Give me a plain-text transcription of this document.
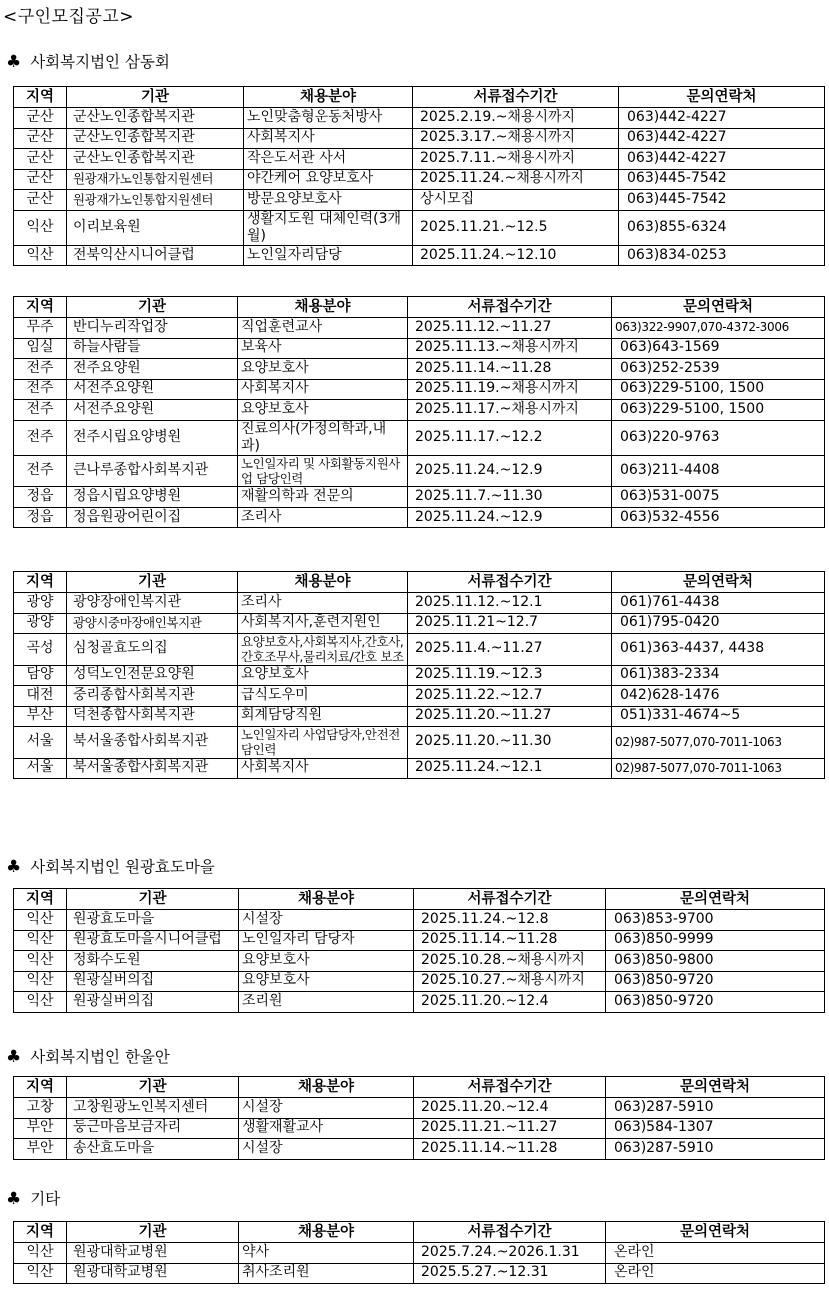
<구인모집공고>
♣ 사회복지법인 삼동회
지역	기관	채용분야	서류접수기간	문의연락처
군산	군산노인종합복지관	노인맞춤형운동처방사	2025.2.19.~채용시까지	063)442-4227
군산	군산노인종합복지관	사회복지사	2025.3.17.~채용시까지	063)442-4227
군산	군산노인종합복지관	작은도서관 사서	2025.7.11.~채용시까지	063)442-4227
군산	원광재가노인통합지원센터	야간케어 요양보호사	2025.11.24.~채용시까지	063)445-7542
군산	원광재가노인통합지원센터	방문요양보호사	상시모집	063)445-7542
익산	이리보육원	생활지도원 대체인력(3개월)	2025.11.21.~12.5	063)855-6324
익산	전북익산시니어클럽	노인일자리담당	2025.11.24.~12.10	063)834-0253
지역	기관	채용분야	서류접수기간	문의연락처
무주	반디누리작업장	직업훈련교사	2025.11.12.~11.27	063)322-9907,070-4372-3006
임실	하늘사람들	보육사	2025.11.13.~채용시까지	063)643-1569
전주	전주요양원	요양보호사	2025.11.14.~11.28	063)252-2539
전주	서전주요양원	사회복지사	2025.11.19.~채용시까지	063)229-5100, 1500
전주	서전주요양원	요양보호사	2025.11.17.~채용시까지	063)229-5100, 1500
전주	전주시립요양병원	진료의사(가정의학과,내과)	2025.11.17.~12.2	063)220-9763
전주	큰나루종합사회복지관	노인일자리 및 사회활동지원사업 담당인력	2025.11.24.~12.9	063)211-4408
정읍	정읍시립요양병원	재활의학과 전문의	2025.11.7.~11.30	063)531-0075
정읍	정읍원광어린이집	조리사	2025.11.24.~12.9	063)532-4556
지역	기관	채용분야	서류접수기간	문의연락처
광양	광양장애인복지관	조리사	2025.11.12.~12.1	061)761-4438
광양	광양시중마장애인복지관	사회복지사,훈련지원인	2025.11.21~12.7	061)795-0420
곡성	심청골효도의집	요양보호사,사회복지사,간호사,간호조무사,물리치료/간호 보조	2025.11.4.~11.27	061)363-4437, 4438
담양	성덕노인전문요양원	요양보호사	2025.11.19.~12.3	061)383-2334
대전	중리종합사회복지관	급식도우미	2025.11.22.~12.7	042)628-1476
부산	덕천종합사회복지관	회계담당직원	2025.11.20.~11.27	051)331-4674~5
서울	북서울종합사회복지관	노인일자리 사업담당자,안전전담인력	2025.11.20.~11.30	02)987-5077,070-7011-1063
서울	북서울종합사회복지관	사회복지사	2025.11.24.~12.1	02)987-5077,070-7011-1063
♣ 사회복지법인 원광효도마을
지역	기관	채용분야	서류접수기간	문의연락처
익산	원광효도마을	시설장	2025.11.24.~12.8	063)853-9700
익산	원광효도마을시니어클럽	노인일자리 담당자	2025.11.14.~11.28	063)850-9999
익산	정화수도원	요양보호사	2025.10.28.~채용시까지	063)850-9800
익산	원광실버의집	요양보호사	2025.10.27.~채용시까지	063)850-9720
익산	원광실버의집	조리원	2025.11.20.~12.4	063)850-9720
♣ 사회복지법인 한울안
지역	기관	채용분야	서류접수기간	문의연락처
고창	고창원광노인복지센터	시설장	2025.11.20.~12.4	063)287-5910
부안	둥근마음보금자리	생활재활교사	2025.11.21.~11.27	063)584-1307
부안	송산효도마을	시설장	2025.11.14.~11.28	063)287-5910
♣ 기타
지역	기관	채용분야	서류접수기간	문의연락처
익산	원광대학교병원	약사	2025.7.24.~2026.1.31	온라인
익산	원광대학교병원	취사조리원	2025.5.27.~12.31	온라인
